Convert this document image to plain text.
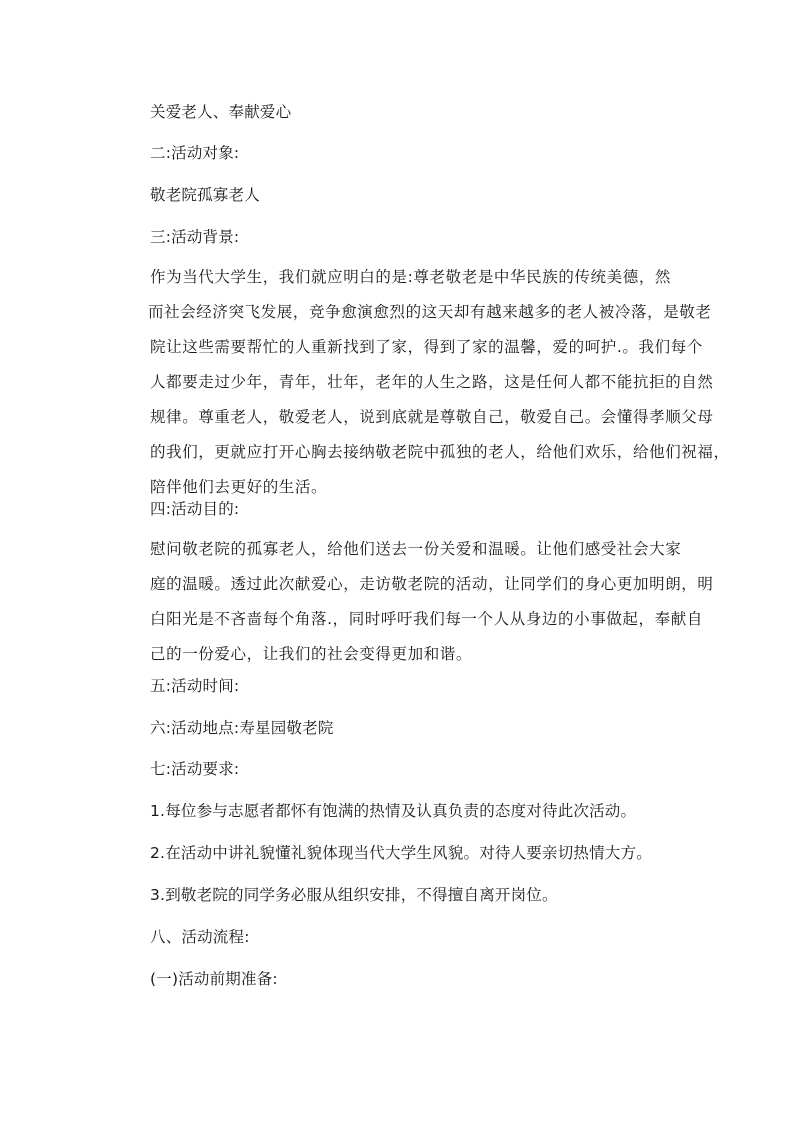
关爱老人、奉献爱心
二:活动对象:
敬老院孤寡老人
三:活动背景:
作为当代大学生，我们就应明白的是:尊老敬老是中华民族的传统美德，然
而社会经济突飞发展，竞争愈演愈烈的这天却有越来越多的老人被冷落，是敬老
院让这些需要帮忙的人重新找到了家，得到了家的温馨，爱的呵护.。我们每个
人都要走过少年，青年，壮年，老年的人生之路，这是任何人都不能抗拒的自然
规律。尊重老人，敬爱老人，说到底就是尊敬自己，敬爱自己。会懂得孝顺父母
的我们，更就应打开心胸去接纳敬老院中孤独的老人，给他们欢乐，给他们祝福，
陪伴他们去更好的生活。
四:活动目的:
慰问敬老院的孤寡老人，给他们送去一份关爱和温暖。让他们感受社会大家
庭的温暖。透过此次献爱心，走访敬老院的活动，让同学们的身心更加明朗，明
白阳光是不吝啬每个角落.，同时呼吁我们每一个人从身边的小事做起，奉献自
己的一份爱心，让我们的社会变得更加和谐。
五:活动时间:
六:活动地点:寿星园敬老院
七:活动要求:
1.每位参与志愿者都怀有饱满的热情及认真负责的态度对待此次活动。
2.在活动中讲礼貌懂礼貌体现当代大学生风貌。对待人要亲切热情大方。
3.到敬老院的同学务必服从组织安排，不得擅自离开岗位。
八、活动流程:
(一)活动前期准备:
